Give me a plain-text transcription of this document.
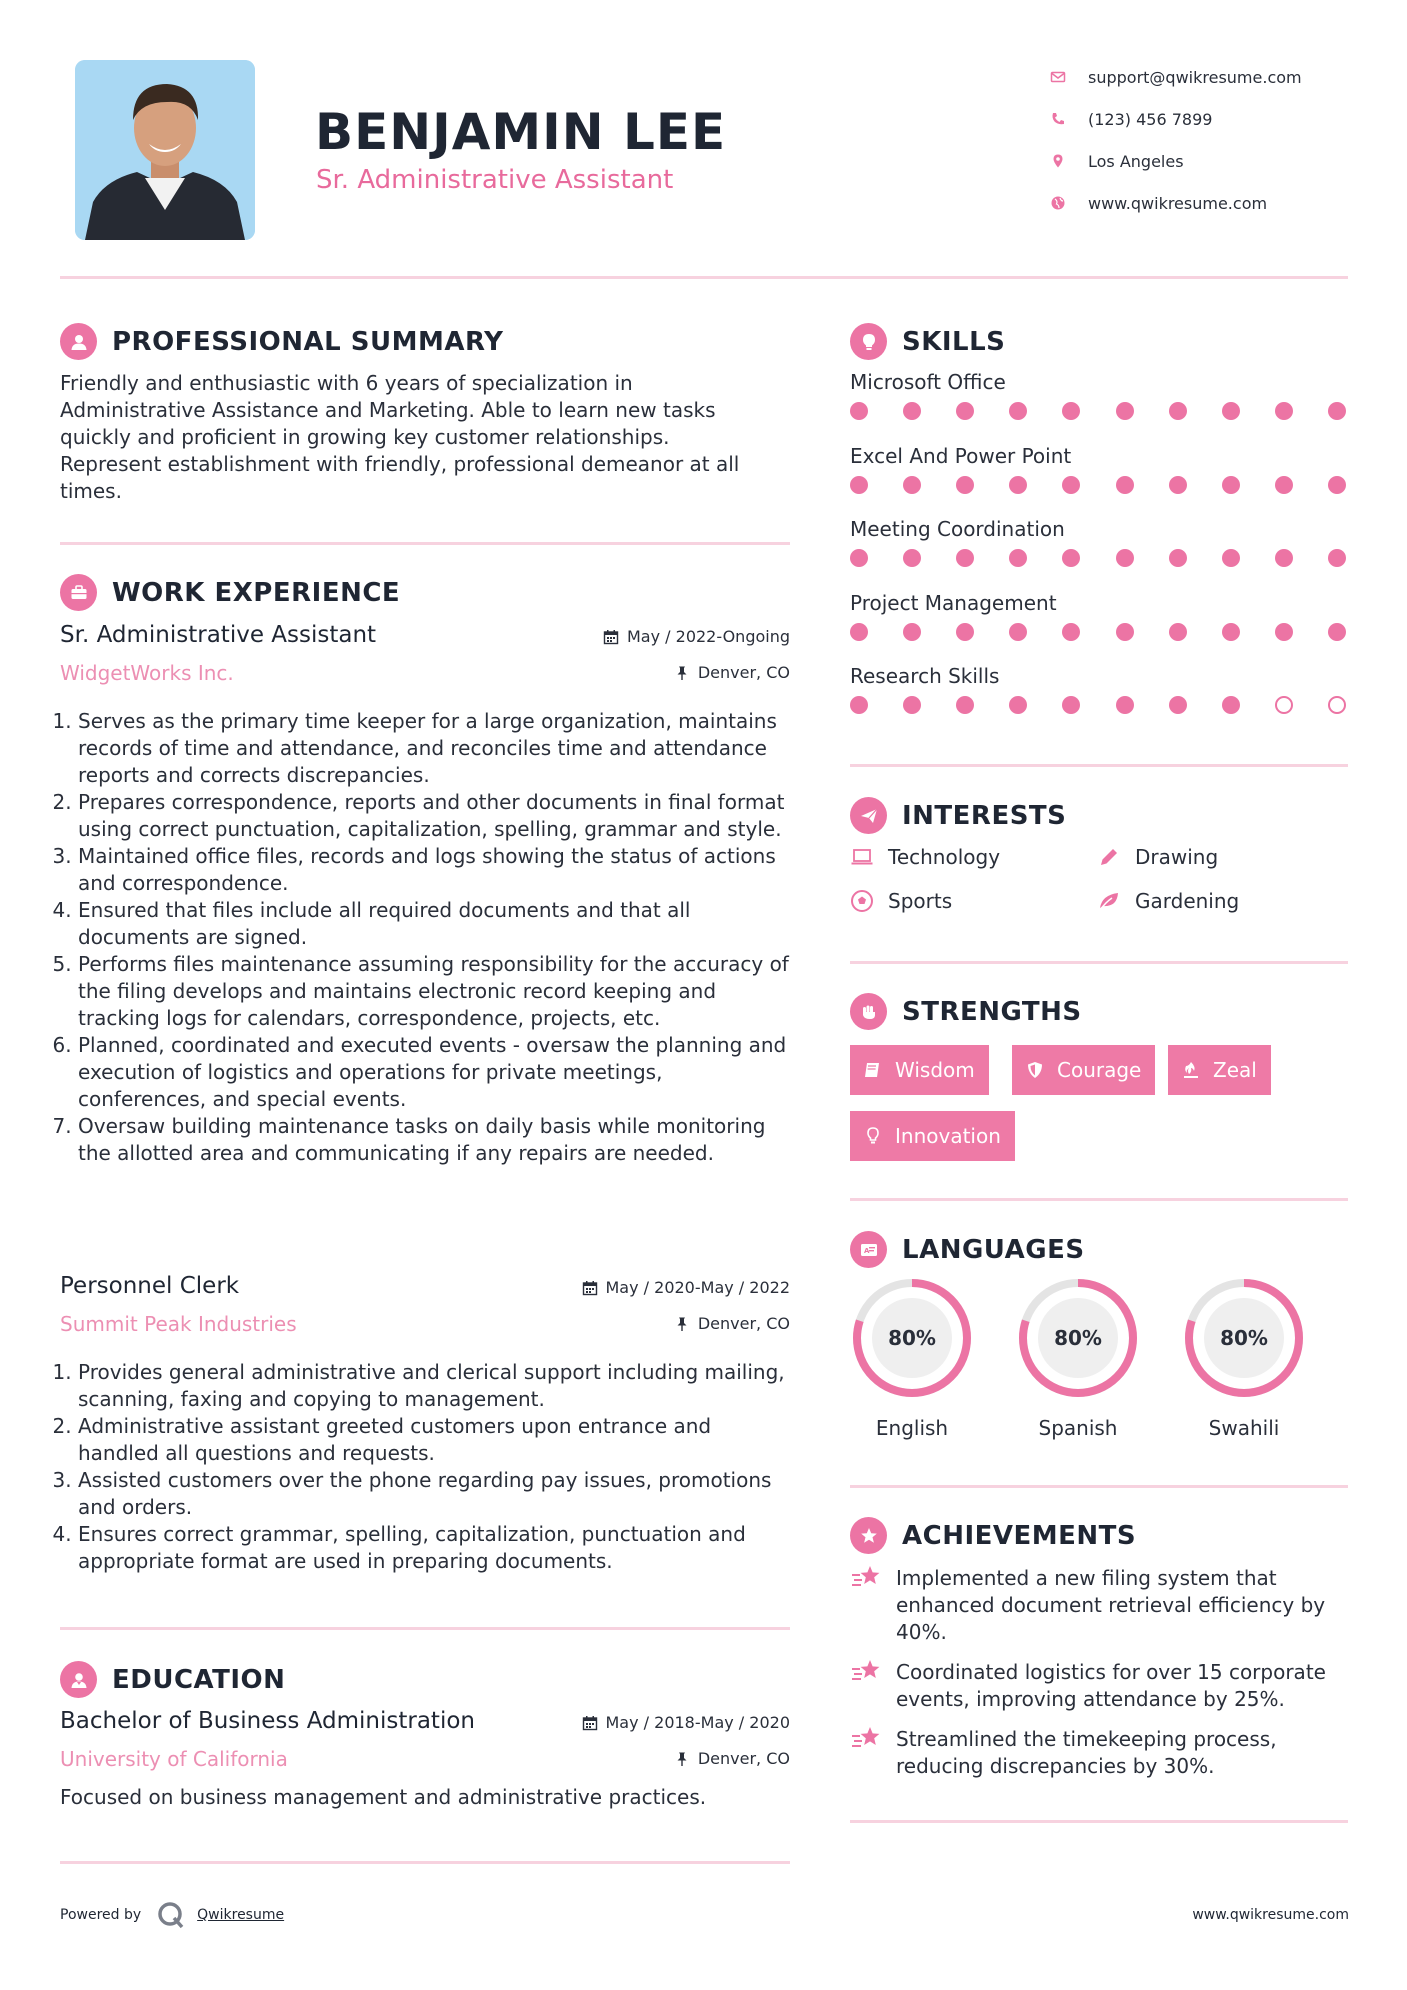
BENJAMIN LEE
Sr. Administrative Assistant
support@qwikresume.com
(123) 456 7899
Los Angeles
www.qwikresume.com
PROFESSIONAL SUMMARY
Friendly and enthusiastic with 6 years of specialization in
Administrative Assistance and Marketing. Able to learn new tasks
quickly and proficient in growing key customer relationships.
Represent establishment with friendly, professional demeanor at all
times.
WORK EXPERIENCE
Sr. Administrative Assistant	May / 2022-Ongoing
WidgetWorks Inc.	Denver, CO
1. Serves as the primary time keeper for a large organization, maintains records of time and attendance, and reconciles time and attendance reports and corrects discrepancies.
2. Prepares correspondence, reports and other documents in final format using correct punctuation, capitalization, spelling, grammar and style.
3. Maintained office files, records and logs showing the status of actions and correspondence.
4. Ensured that files include all required documents and that all documents are signed.
5. Performs files maintenance assuming responsibility for the accuracy of the filing develops and maintains electronic record keeping and tracking logs for calendars, correspondence, projects, etc.
6. Planned, coordinated and executed events - oversaw the planning and execution of logistics and operations for private meetings, conferences, and special events.
7. Oversaw building maintenance tasks on daily basis while monitoring the allotted area and communicating if any repairs are needed.
Personnel Clerk	May / 2020-May / 2022
Summit Peak Industries	Denver, CO
1. Provides general administrative and clerical support including mailing, scanning, faxing and copying to management.
2. Administrative assistant greeted customers upon entrance and handled all questions and requests.
3. Assisted customers over the phone regarding pay issues, promotions and orders.
4. Ensures correct grammar, spelling, capitalization, punctuation and appropriate format are used in preparing documents.
EDUCATION
Bachelor of Business Administration	May / 2018-May / 2020
University of California	Denver, CO
Focused on business management and administrative practices.
SKILLS
Microsoft Office
Excel And Power Point
Meeting Coordination
Project Management
Research Skills
INTERESTS
Technology	Drawing
Sports	Gardening
STRENGTHS
Wisdom	Courage	Zeal
Innovation
A LANGUAGES
80%
English
80%
Spanish
80%
Swahili
ACHIEVEMENTS
Implemented a new filing system that enhanced document retrieval efficiency by 40%.
Coordinated logistics for over 15 corporate events, improving attendance by 25%.
Streamlined the timekeeping process, reducing discrepancies by 30%.
Powered by	Qwikresume	www.qwikresume.com
